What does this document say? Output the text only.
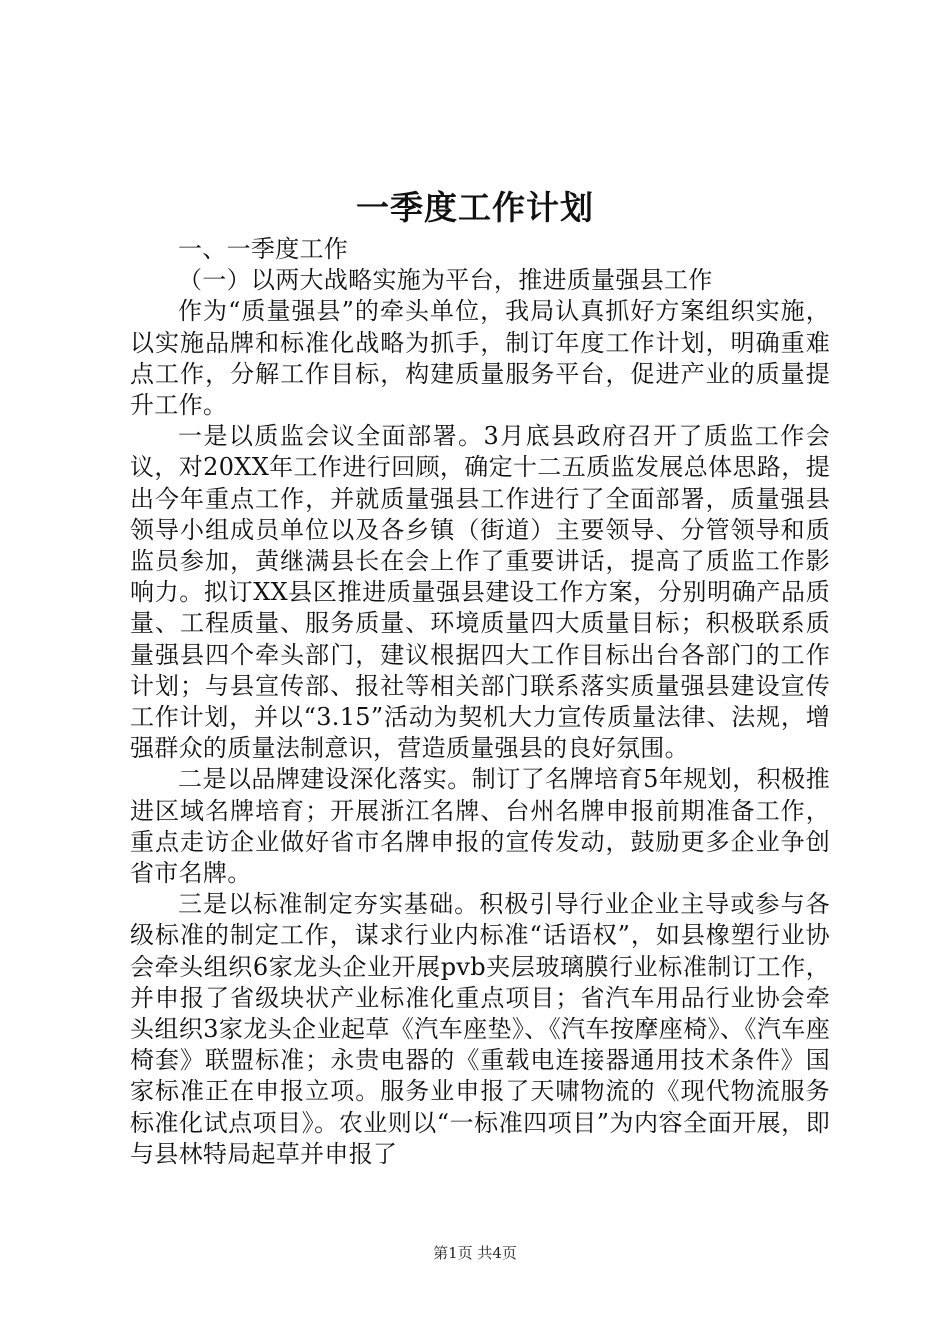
一季度工作计划

一、一季度工作

（一）以两大战略实施为平台，推进质量强县工作

作为“质量强县”的牵头单位，我局认真抓好方案组织实施，以实施品牌和标准化战略为抓手，制订年度工作计划，明确重难点工作，分解工作目标，构建质量服务平台，促进产业的质量提升工作。

一是以质监会议全面部署。3月底县政府召开了质监工作会议，对20XX年工作进行回顾，确定十二五质监发展总体思路，提出今年重点工作，并就质量强县工作进行了全面部署，质量强县领导小组成员单位以及各乡镇（街道）主要领导、分管领导和质监员参加，黄继满县长在会上作了重要讲话，提高了质监工作影响力。拟订XX县区推进质量强县建设工作方案，分别明确产品质量、工程质量、服务质量、环境质量四大质量目标；积极联系质量强县四个牵头部门，建议根据四大工作目标出台各部门的工作计划；与县宣传部、报社等相关部门联系落实质量强县建设宣传工作计划，并以“3.15”活动为契机大力宣传质量法律、法规，增强群众的质量法制意识，营造质量强县的良好氛围。

二是以品牌建设深化落实。制订了名牌培育5年规划，积极推进区域名牌培育；开展浙江名牌、台州名牌申报前期准备工作，重点走访企业做好省市名牌申报的宣传发动，鼓励更多企业争创省市名牌。

三是以标准制定夯实基础。积极引导行业企业主导或参与各级标准的制定工作，谋求行业内标准“话语权”，如县橡塑行业协会牵头组织6家龙头企业开展pvb夹层玻璃膜行业标准制订工作，并申报了省级块状产业标准化重点项目；省汽车用品行业协会牵头组织3家龙头企业起草《汽车座垫》、《汽车按摩座椅》、《汽车座椅套》联盟标准；永贵电器的《重载电连接器通用技术条件》国家标准正在申报立项。服务业申报了天啸物流的《现代物流服务标准化试点项目》。农业则以“一标准四项目”为内容全面开展，即与县林特局起草并申报了

第1页 共4页
